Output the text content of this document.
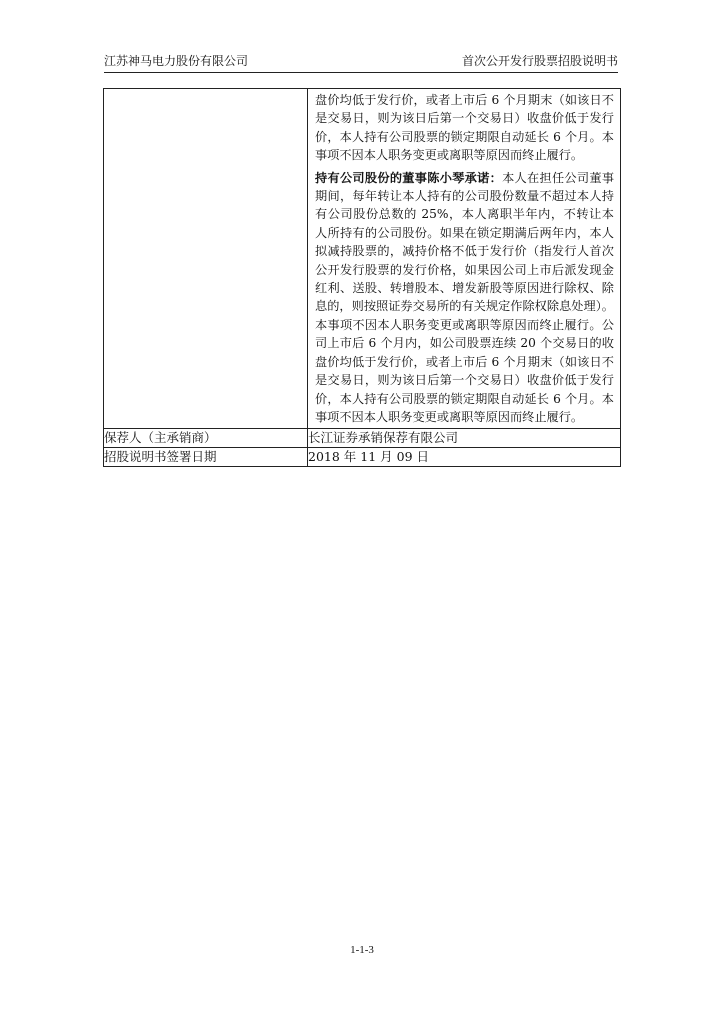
江苏神马电力股份有限公司	首次公开发行股票招股说明书

	盘价均低于发行价，或者上市后 6 个月期末（如该日不是交易日，则为该日后第一个交易日）收盘价低于发行价，本人持有公司股票的锁定期限自动延长 6 个月。本事项不因本人职务变更或离职等原因而终止履行。
持有公司股份的董事陈小琴承诺：本人在担任公司董事期间，每年转让本人持有的公司股份数量不超过本人持有公司股份总数的 25%，本人离职半年内，不转让本人所持有的公司股份。如果在锁定期满后两年内，本人拟减持股票的，减持价格不低于发行价（指发行人首次公开发行股票的发行价格，如果因公司上市后派发现金红利、送股、转增股本、增发新股等原因进行除权、除息的，则按照证券交易所的有关规定作除权除息处理）。本事项不因本人职务变更或离职等原因而终止履行。公司上市后 6 个月内，如公司股票连续 20 个交易日的收盘价均低于发行价，或者上市后 6 个月期末（如该日不是交易日，则为该日后第一个交易日）收盘价低于发行价，本人持有公司股票的锁定期限自动延长 6 个月。本事项不因本人职务变更或离职等原因而终止履行。

保荐人（主承销商）	长江证券承销保荐有限公司
招股说明书签署日期	2018 年 11 月 09 日
1-1-3
